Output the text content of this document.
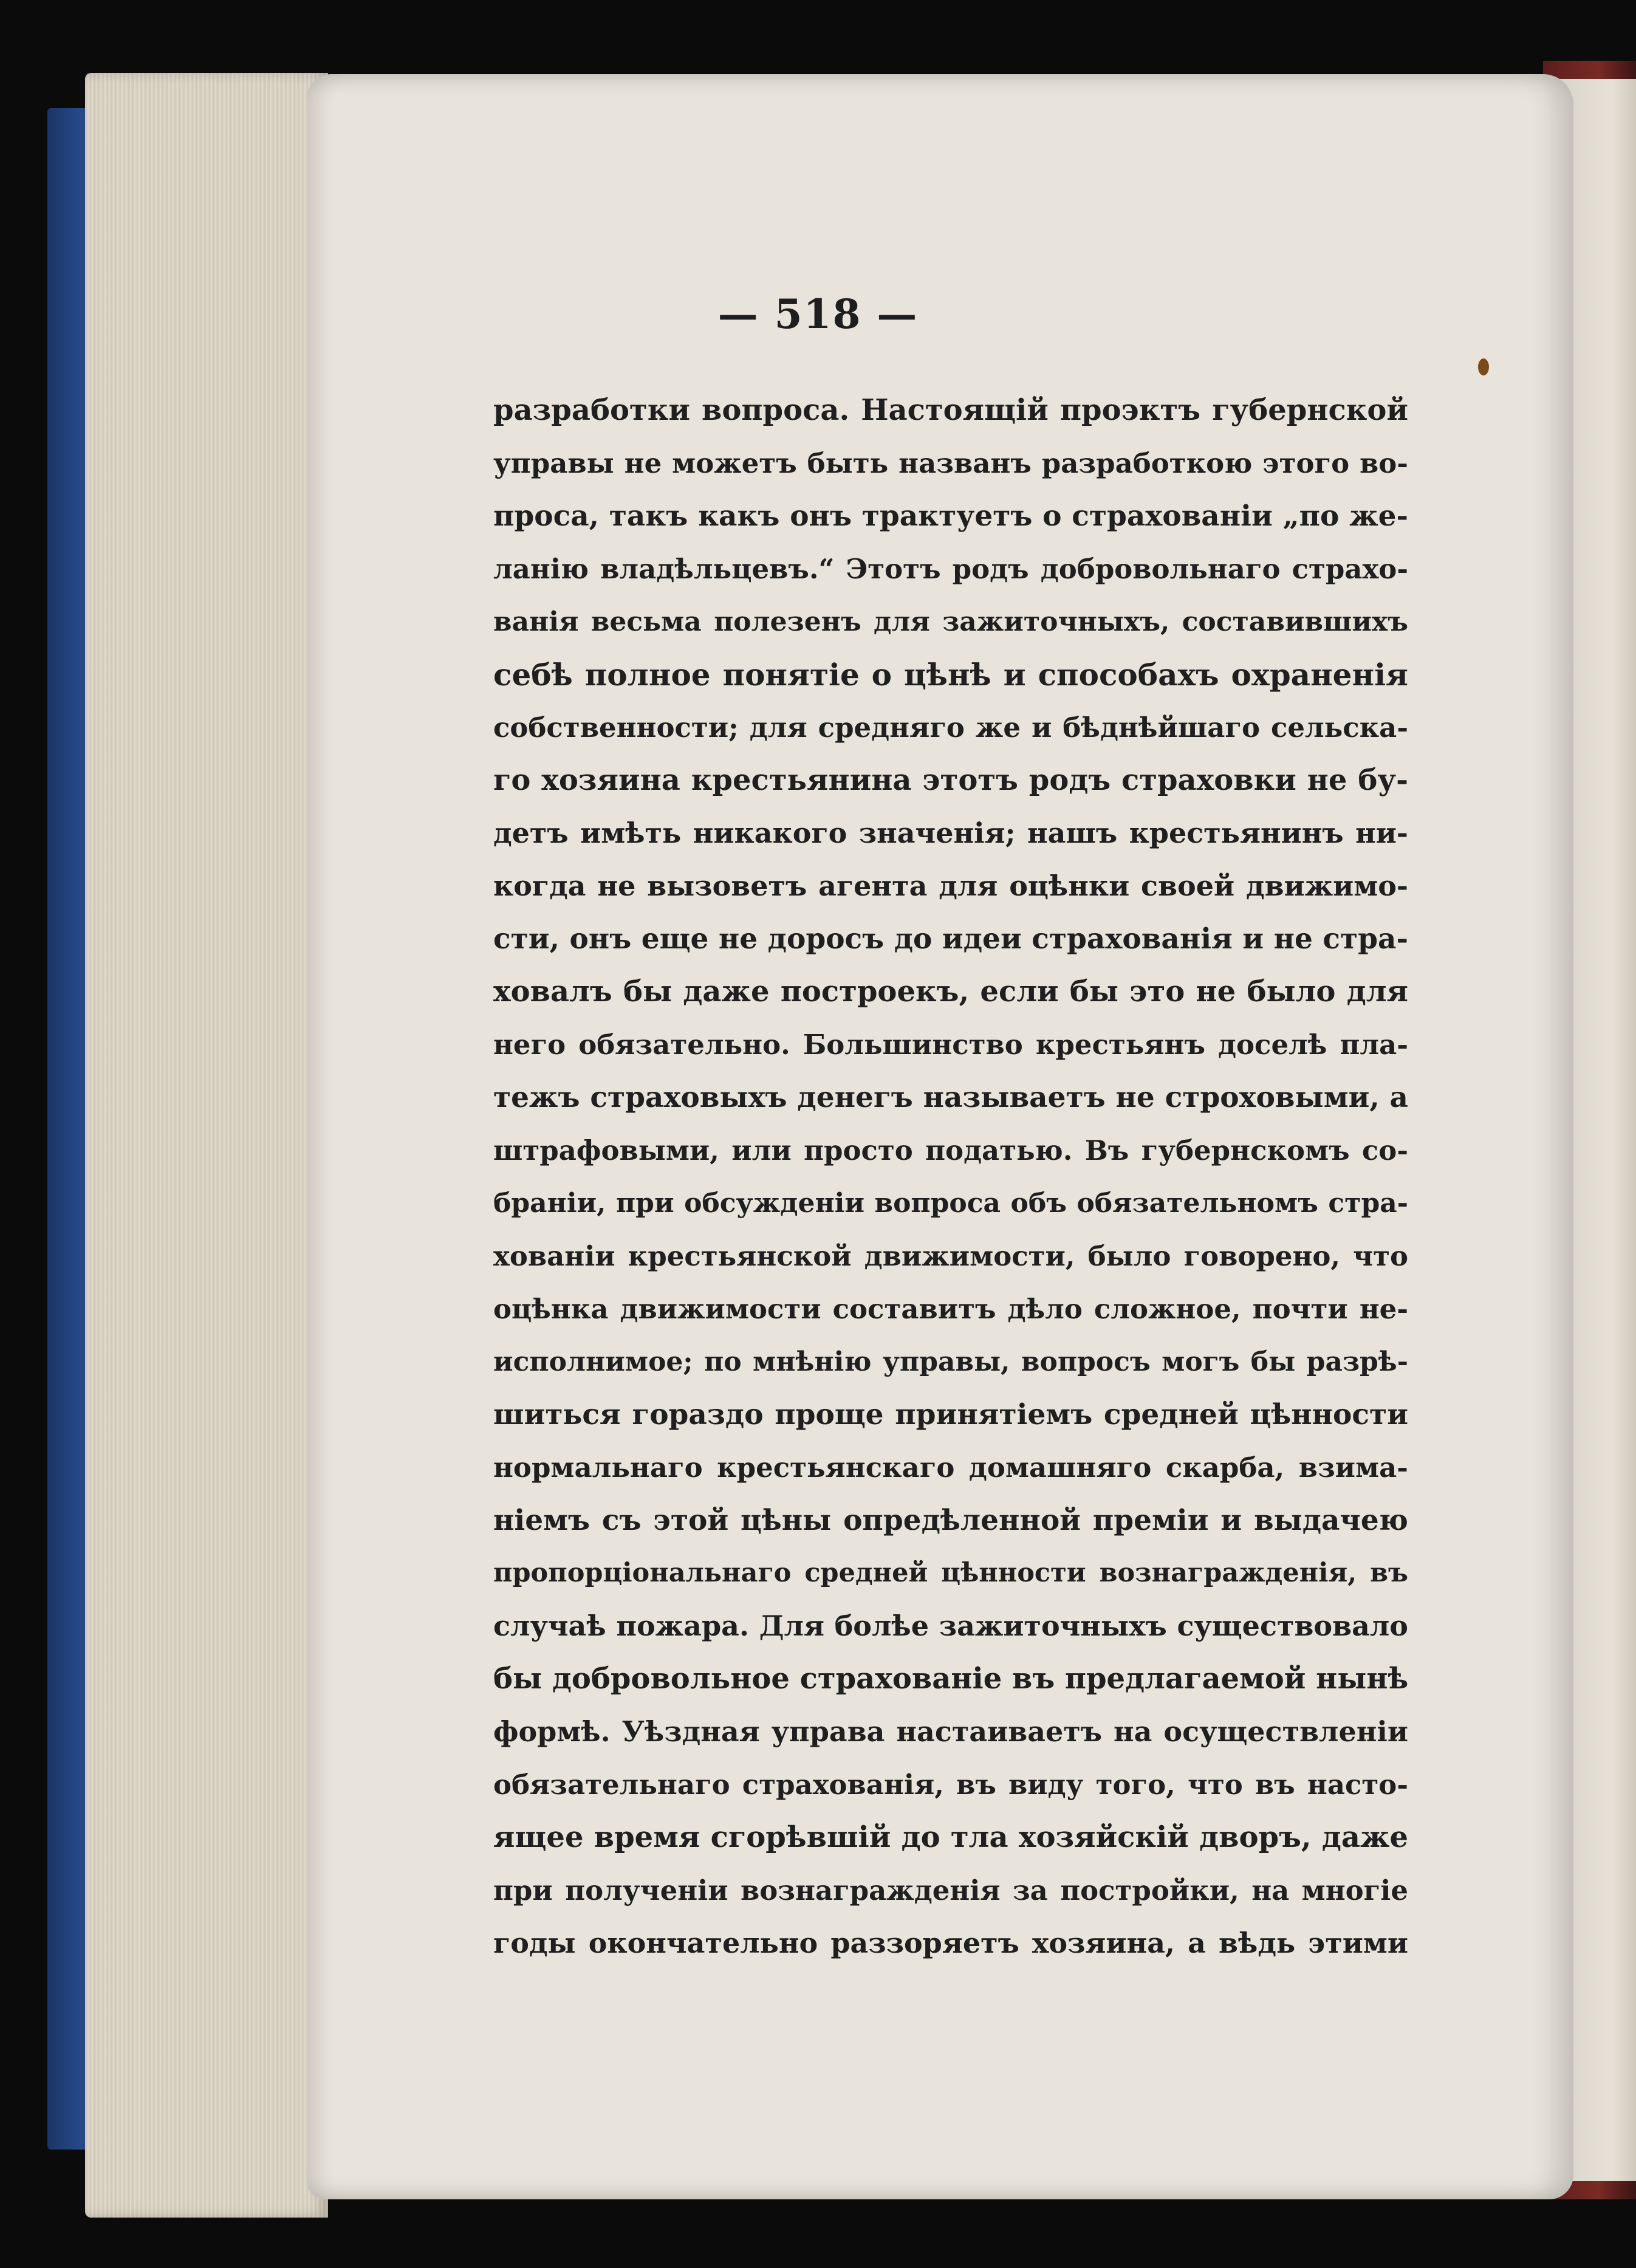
— 518 —
разработки вопроса. Настоящій проэктъ губернской
управы не можетъ быть названъ разработкою этого во-
проса, такъ какъ онъ трактуетъ о страхованіи „по же-
ланію владѣльцевъ.“ Этотъ родъ добровольнаго страхо-
ванія весьма полезенъ для зажиточныхъ, составившихъ
себѣ полное понятіе о цѣнѣ и способахъ охраненія
собственности; для средняго же и бѣднѣйшаго сельска-
го хозяина крестьянина этотъ родъ страховки не бу-
детъ имѣть никакого значенія; нашъ крестьянинъ ни-
когда не вызоветъ агента для оцѣнки своей движимо-
сти, онъ еще не доросъ до идеи страхованія и не стра-
ховалъ бы даже построекъ, если бы это не было для
него обязательно. Большинство крестьянъ доселѣ пла-
тежъ страховыхъ денегъ называетъ не строховыми, а
штрафовыми, или просто податью. Въ губернскомъ со-
браніи, при обсужденіи вопроса объ обязательномъ стра-
хованіи крестьянской движимости, было говорено, что
оцѣнка движимости составитъ дѣло сложное, почти не-
исполнимое; по мнѣнію управы, вопросъ могъ бы разрѣ-
шиться гораздо проще принятіемъ средней цѣнности
нормальнаго крестьянскаго домашняго скарба, взима-
ніемъ съ этой цѣны опредѣленной преміи и выдачею
пропорціональнаго средней цѣнности вознагражденія, въ
случаѣ пожара. Для болѣе зажиточныхъ существовало
бы добровольное страхованіе въ предлагаемой нынѣ
формѣ. Уѣздная управа настаиваетъ на осуществленіи
обязательнаго страхованія, въ виду того, что въ насто-
ящее время сгорѣвшій до тла хозяйскій дворъ, даже
при полученіи вознагражденія за постройки, на многіе
годы окончательно раззоряетъ хозяина, а вѣдь этими
